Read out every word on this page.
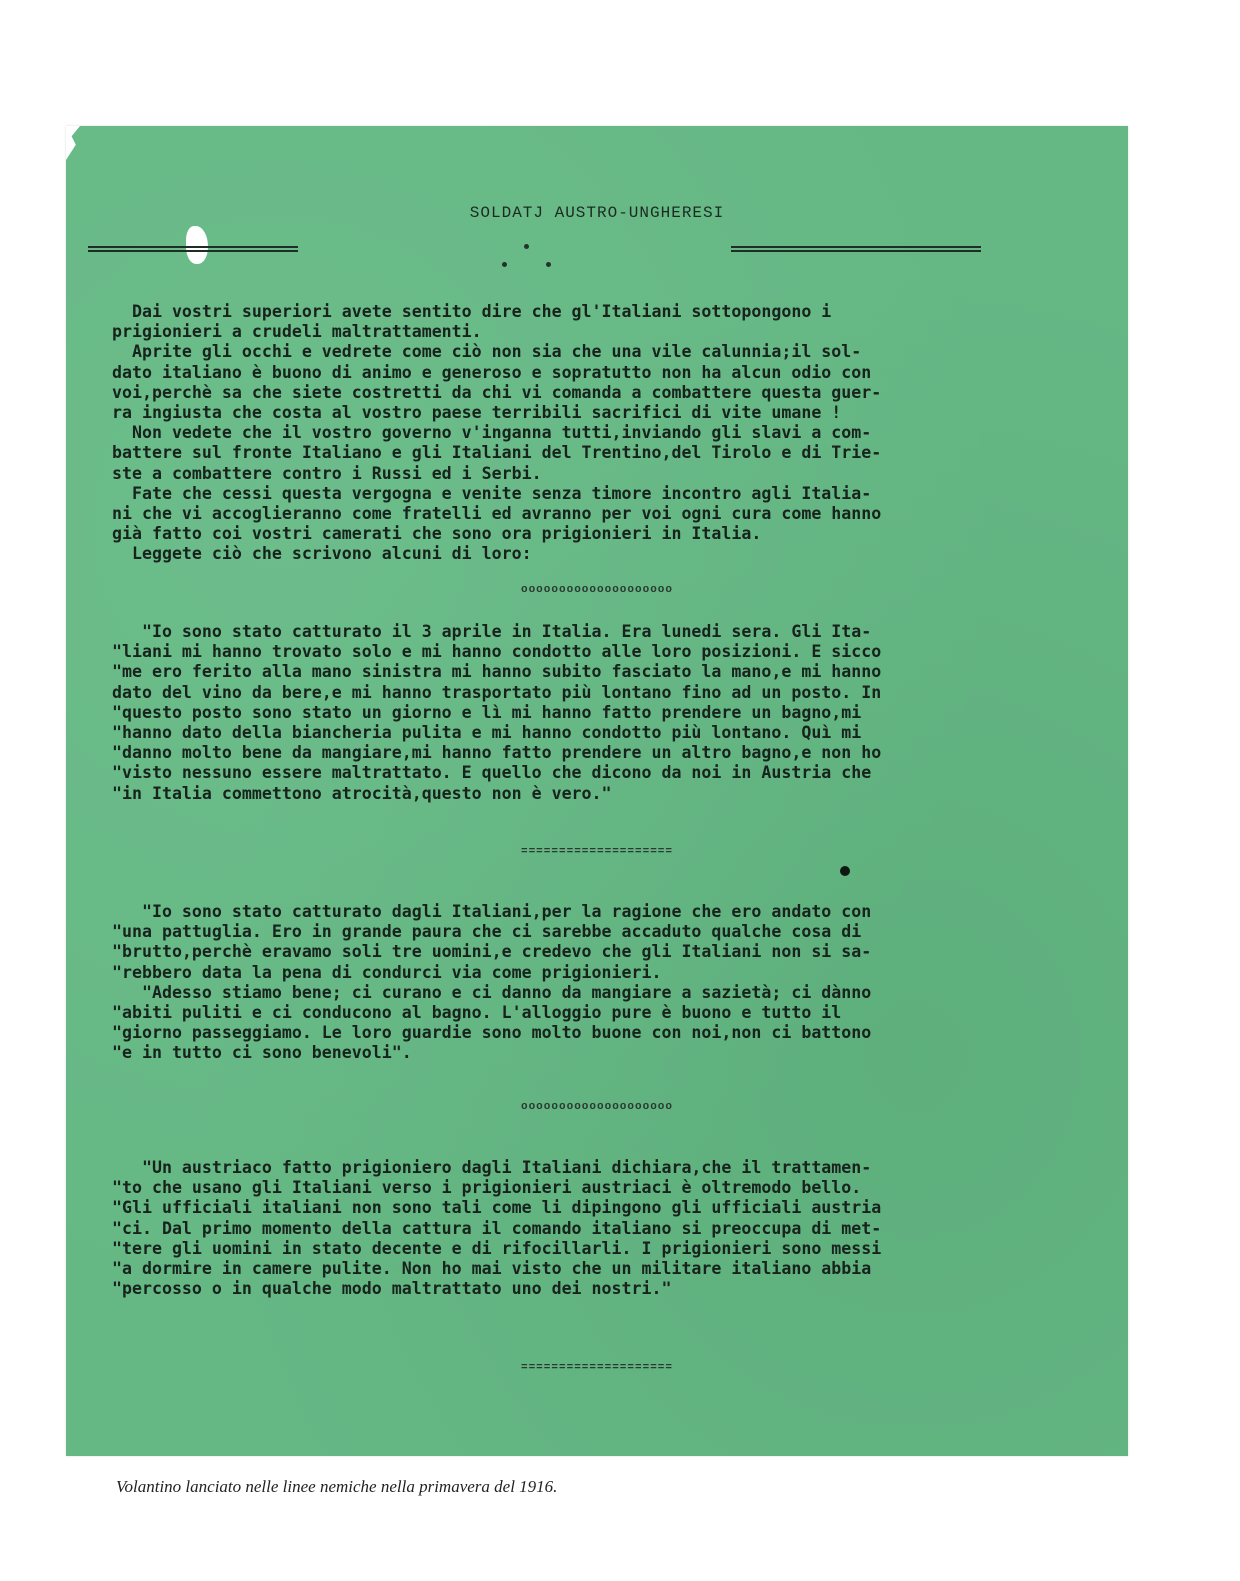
SOLDATJ AUSTRO-UNGHERESI
Dai vostri superiori avete sentito dire che gl'Italiani sottopongono i
prigionieri a crudeli maltrattamenti.
Aprite gli occhi e vedrete come ciò non sia che una vile calunnia;il sol-
dato italiano è buono di animo e generoso e sopratutto non ha alcun odio con
voi,perchè sa che siete costretti da chi vi comanda a combattere questa guer-
ra ingiusta che costa al vostro paese terribili sacrifici di vite umane !
Non vedete che il vostro governo v'inganna tutti,inviando gli slavi a com-
battere sul fronte Italiano e gli Italiani del Trentino,del Tirolo e di Trie-
ste a combattere contro i Russi ed i Serbi.
Fate che cessi questa vergogna e venite senza timore incontro agli Italia-
ni che vi accoglieranno come fratelli ed avranno per voi ogni cura come hanno
già fatto coi vostri camerati che sono ora prigionieri in Italia.
Leggete ciò che scrivono alcuni di loro:
oooooooooooooooooooo
"Io sono stato catturato il 3 aprile in Italia. Era lunedi sera. Gli Ita-
"liani mi hanno trovato solo e mi hanno condotto alle loro posizioni. E sicco
"me ero ferito alla mano sinistra mi hanno subito fasciato la mano,e mi hanno
dato del vino da bere,e mi hanno trasportato più lontano fino ad un posto. In
"questo posto sono stato un giorno e lì mi hanno fatto prendere un bagno,mi
"hanno dato della biancheria pulita e mi hanno condotto più lontano. Quì mi
"danno molto bene da mangiare,mi hanno fatto prendere un altro bagno,e non ho
"visto nessuno essere maltrattato. E quello che dicono da noi in Austria che
"in Italia commettono atrocità,questo non è vero."
====================
"Io sono stato catturato dagli Italiani,per la ragione che ero andato con
"una pattuglia. Ero in grande paura che ci sarebbe accaduto qualche cosa di
"brutto,perchè eravamo soli tre uomini,e credevo che gli Italiani non si sa-
"rebbero data la pena di condurci via come prigionieri.
"Adesso stiamo bene; ci curano e ci danno da mangiare a sazietà; ci dànno
"abiti puliti e ci conducono al bagno. L'alloggio pure è buono e tutto il
"giorno passeggiamo. Le loro guardie sono molto buone con noi,non ci battono
"e in tutto ci sono benevoli".
oooooooooooooooooooo
"Un austriaco fatto prigioniero dagli Italiani dichiara,che il trattamen-
"to che usano gli Italiani verso i prigionieri austriaci è oltremodo bello.
"Gli ufficiali italiani non sono tali come li dipingono gli ufficiali austria
"ci. Dal primo momento della cattura il comando italiano si preoccupa di met-
"tere gli uomini in stato decente e di rifocillarli. I prigionieri sono messi
"a dormire in camere pulite. Non ho mai visto che un militare italiano abbia
"percosso o in qualche modo maltrattato uno dei nostri."
====================
Volantino lanciato nelle linee nemiche nella primavera del 1916.
